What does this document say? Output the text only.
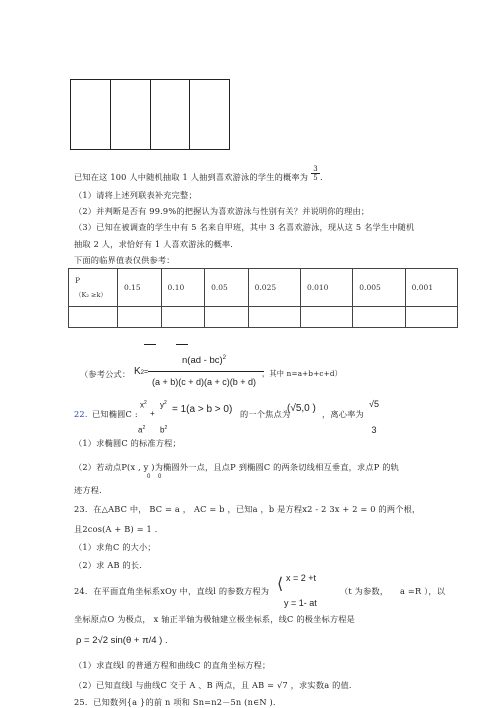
已知在这 100 人中随机抽取 1 人抽到喜欢游泳的学生的概率为
3
5 .
（1）请将上述列联表补充完整；
（2）并判断是否有 99.9%的把握认为喜欢游泳与性别有关？并说明你的理由；
（3）已知在被调查的学生中有 5 名来自甲班，其中 3 名喜欢游泳，现从这 5 名学生中随机
抽取 2 人，求恰好有 1 人喜欢游泳的概率．
下面的临界值表仅供参考：
P
（K₂ ≥k）	0.15	0.10	0.05	0.025	0.010	0.005	0.001

（参考公式： K2=
n(ad - bc)$^2$
(a + b)(c + d)(a + c)(b + d)
，其中 n=a+b+c+d）
22. 已知椭圆C :
$x^2$
+
$y^2$
= 1(a > b > 0) 的一个焦点为
(√5,0 ) ，离心率为
√5
3
$a^2$ $b^2$
（1）求椭圆C 的标准方程；
（2）若动点P(x , y )为椭圆外一点，且点P 到椭圆C 的两条切线相互垂直，求点P 的轨
0 0
迹方程.
23．在△ABC 中， BC = a ， AC = b ，已知a ，b 是方程x2 - 2 3x + 2 = 0 的两个根，
且2cos(A + B) = 1 ．
（1）求角C 的大小；
（2）求 AB 的长.
24．在平面直角坐标系xOy 中，直线l 的参数方程为 ⟨ x = 2 +t
y = 1- at
（t 为参数， a =R ），以
坐标原点O 为极点， x 轴正半轴为极轴建立极坐标系，线C 的极坐标方程是
ρ = 2√2 sin(θ + π/4 ) .
（1）求直线l 的普通方程和曲线C 的直角坐标方程；
（2）已知直线l 与曲线C 交于 A 、B 两点，且 AB = √7 ，求实数a 的值.
25．已知数列{a }的前 n 项和 Sn=n2－5n (n∈N ).
